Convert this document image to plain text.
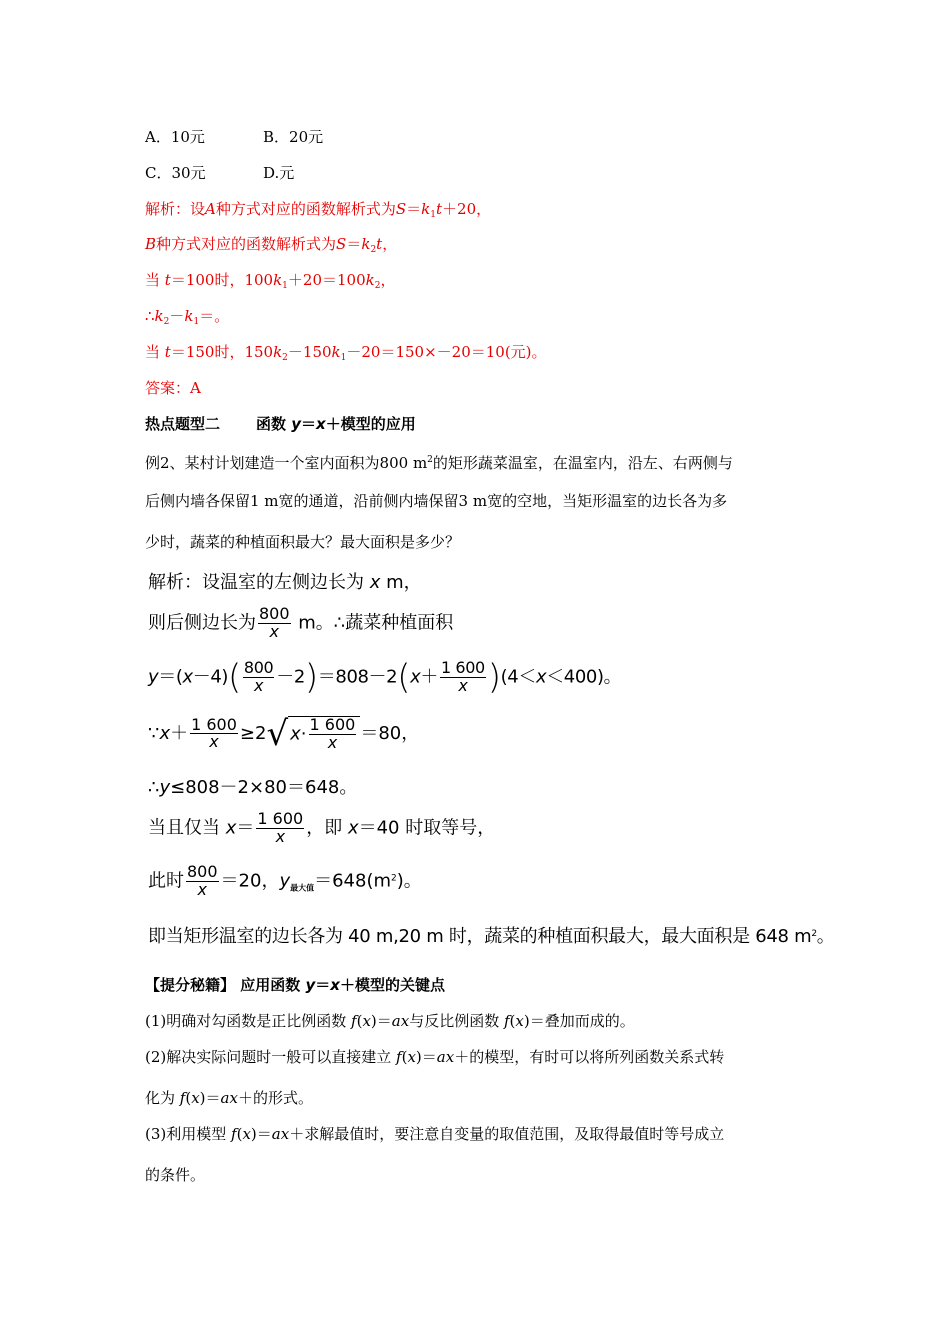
A．10元	B．20元
C．30元	D.元
解析：设A种方式对应的函数解析式为$S=k_1t+20$，
B种方式对应的函数解析式为$S=k_2t$，
当 t＝100时，$100k_1+20=100k_2$，
$\therefore k_2-k_1=$。
当 t＝150时，$150k_2-150k_1-20=150\times-20=10$(元)。
答案：A
热点题型二 函数 y＝x＋模型的应用
例2、某村计划建造一个室内面积为800 $m^2$的矩形蔬菜温室，在温室内，沿左、右两侧与
后侧内墙各保留1 m宽的通道，沿前侧内墙保留3 m宽的空地，当矩形温室的边长各为多
少时，蔬菜的种植面积最大？最大面积是多少？
解析：设温室的左侧边长为 x m，
则后侧边长为 $\frac{800}{x}$ m。∴蔬菜种植面积
$y=(x-4)( \frac{800}{x} -2)=808-2(x+ \frac{1 600}{x} )(4<x<400)$。
∵x＋ $\frac{1 600}{x} \ge 2√$ $x\cdot \frac{1 600}{x} =80$，
∴y≤808－2×80＝648。
当且仅当 $x= \frac{1 600}{x}$ ，即 x＝40 时取等号，
此时 $\frac{800}{x} =20$，$y_{最大值}=648(m^2)$。
即当矩形温室的边长各为 40 m,20 m 时，蔬菜的种植面积最大，最大面积是 648 $m^2$。
【提分秘籍】 应用函数 y＝x＋模型的关键点
(1)明确对勾函数是正比例函数 f(x)＝ax与反比例函数 f(x)＝叠加而成的。
(2)解决实际问题时一般可以直接建立 f(x)＝ax＋的模型，有时可以将所列函数关系式转
化为 f(x)＝ax＋的形式。
(3)利用模型 f(x)＝ax＋求解最值时，要注意自变量的取值范围，及取得最值时等号成立
的条件。
